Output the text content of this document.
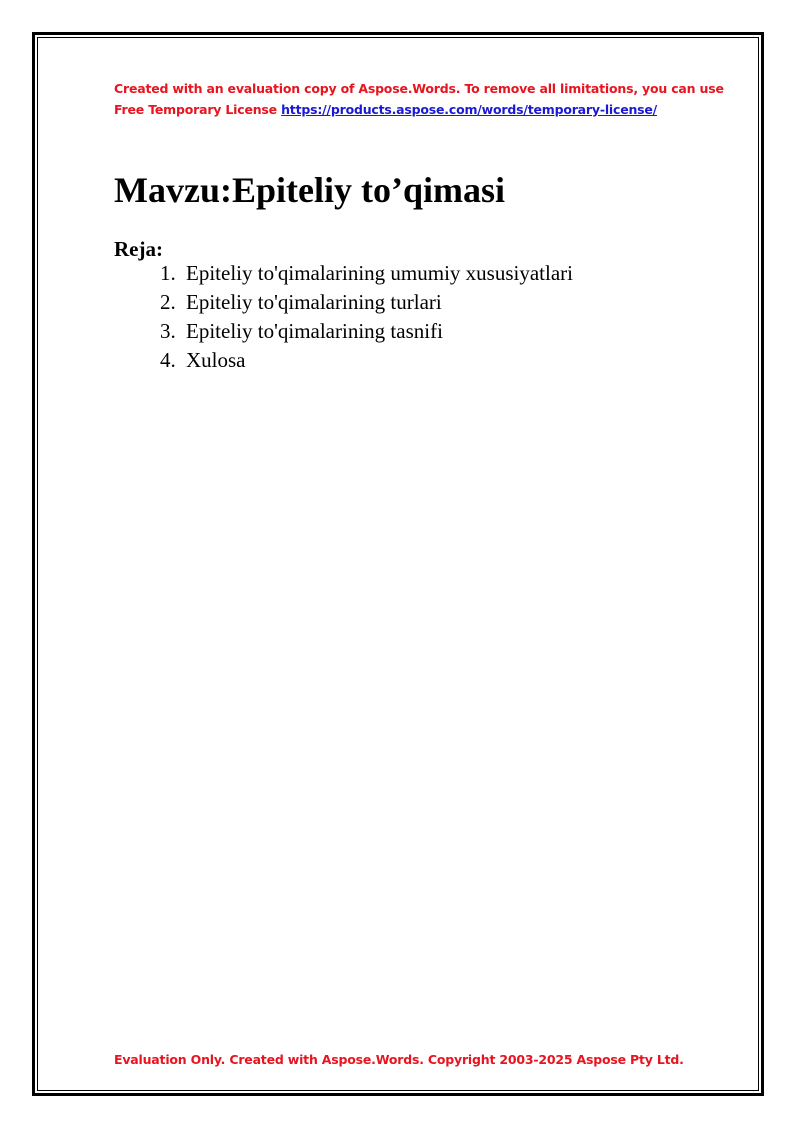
Created with an evaluation copy of Aspose.Words. To remove all limitations, you can use
Free Temporary License https://products.aspose.com/words/temporary-license/
Mavzu:Epiteliy to’qimasi
Reja:
1. Epiteliy to'qimalarining umumiy xususiyatlari
2. Epiteliy to'qimalarining turlari
3. Epiteliy to'qimalarining tasnifi
4. Xulosa
Evaluation Only. Created with Aspose.Words. Copyright 2003-2025 Aspose Pty Ltd.
